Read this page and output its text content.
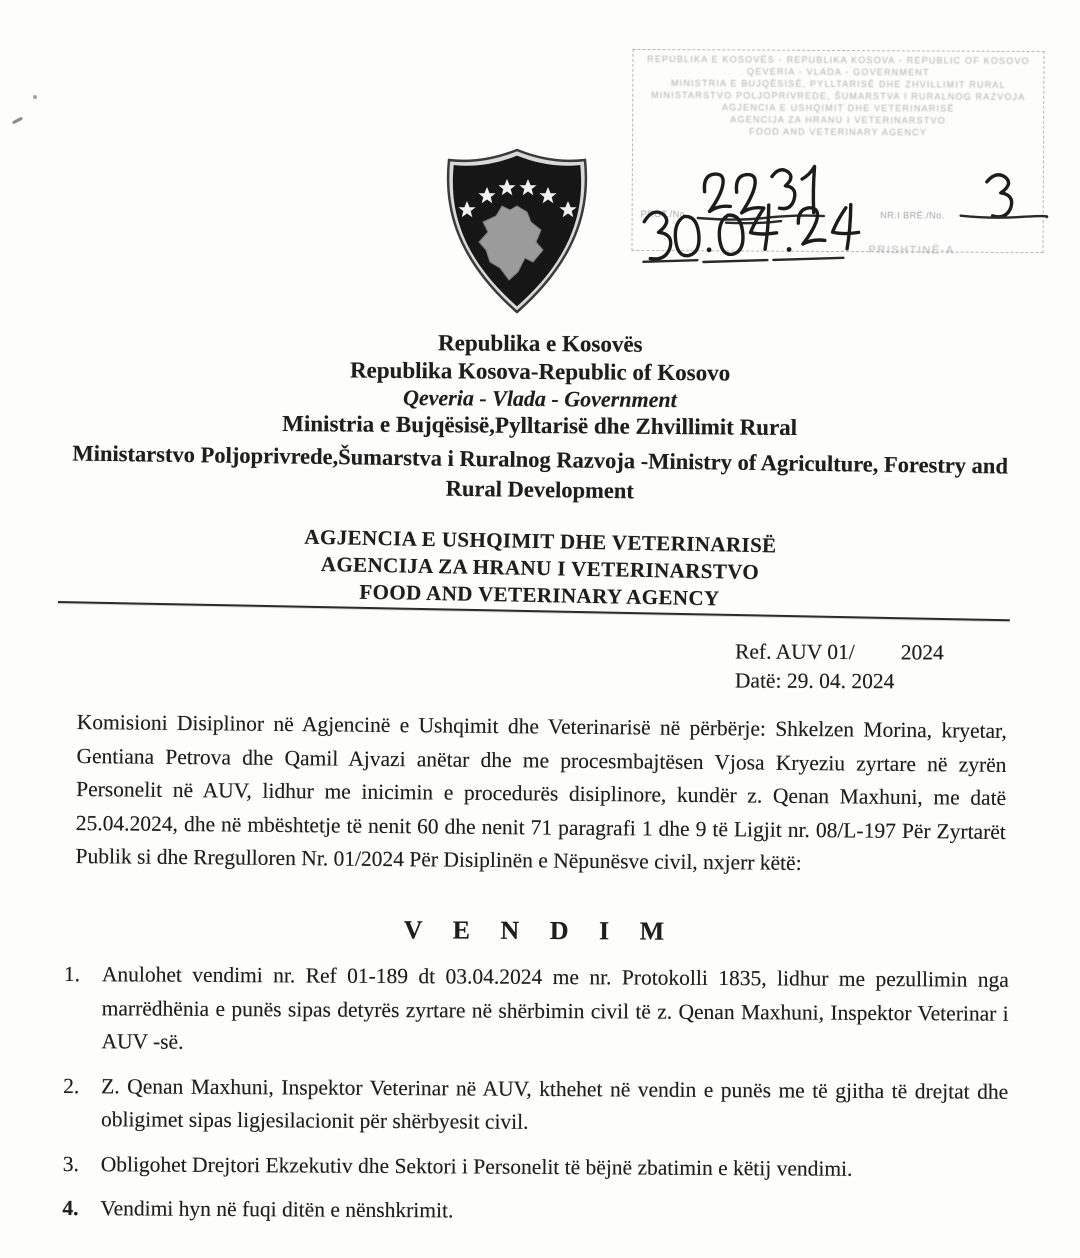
REPUBLIKA E KOSOVËS - REPUBLIKA KOSOVA - REPUBLIC OF KOSOVO
QEVERIA - VLADA - GOVERNMENT
MINISTRIA E BUJQËSISË, PYLLTARISË DHE ZHVILLIMIT RURAL
MINISTARSTVO POLJOPRIVREDE, ŠUMARSTVA I RURALNOG RAZVOJA
AGJENCIA E USHQIMIT DHE VETERINARISË
AGENCIJA ZA HRANU I VETERINARSTVO
FOOD AND VETERINARY AGENCY
PROT./No.	NR.I BRË./No.
PRISHTINË-A
Republika e Kosovës
Republika Kosova-Republic of Kosovo
Qeveria - Vlada - Government
Ministria e Bujqësisë,Pylltarisë dhe Zhvillimit Rural
Ministarstvo Poljoprivrede,Šumarstva i Ruralnog Razvoja -Ministry of Agriculture, Forestry and Rural Development
AGJENCIA E USHQIMIT DHE VETERINARISË
AGENCIJA ZA HRANU I VETERINARSTVO
FOOD AND VETERINARY AGENCY
Ref. AUV 01/ 2024
Datë: 29. 04. 2024
Komisioni Disiplinor në Agjencinë e Ushqimit dhe Veterinarisë në përbërje: Shkelzen Morina, kryetar, Gentiana Petrova dhe Qamil Ajvazi anëtar dhe me procesmbajtësen Vjosa Kryeziu zyrtare në zyrën Personelit në AUV, lidhur me inicimin e procedurës disiplinore, kundër z. Qenan Maxhuni, me datë 25.04.2024, dhe në mbështetje të nenit 60 dhe nenit 71 paragrafi 1 dhe 9 të Ligjit nr. 08/L-197 Për Zyrtarët Publik si dhe Rregulloren Nr. 01/2024 Për Disiplinën e Nëpunësve civil, nxjerr këtë:
V E N D I M
1.	Anulohet vendimi nr. Ref 01-189 dt 03.04.2024 me nr. Protokolli 1835, lidhur me pezullimin nga marrëdhënia e punës sipas detyrës zyrtare në shërbimin civil të z. Qenan Maxhuni, Inspektor Veterinar i AUV -së.
2.	Z. Qenan Maxhuni, Inspektor Veterinar në AUV, kthehet në vendin e punës me të gjitha të drejtat dhe obligimet sipas ligjesilacionit për shërbyesit civil.
3.	Obligohet Drejtori Ekzekutiv dhe Sektori i Personelit të bëjnë zbatimin e këtij vendimi.
4.	Vendimi hyn në fuqi ditën e nënshkrimit.
